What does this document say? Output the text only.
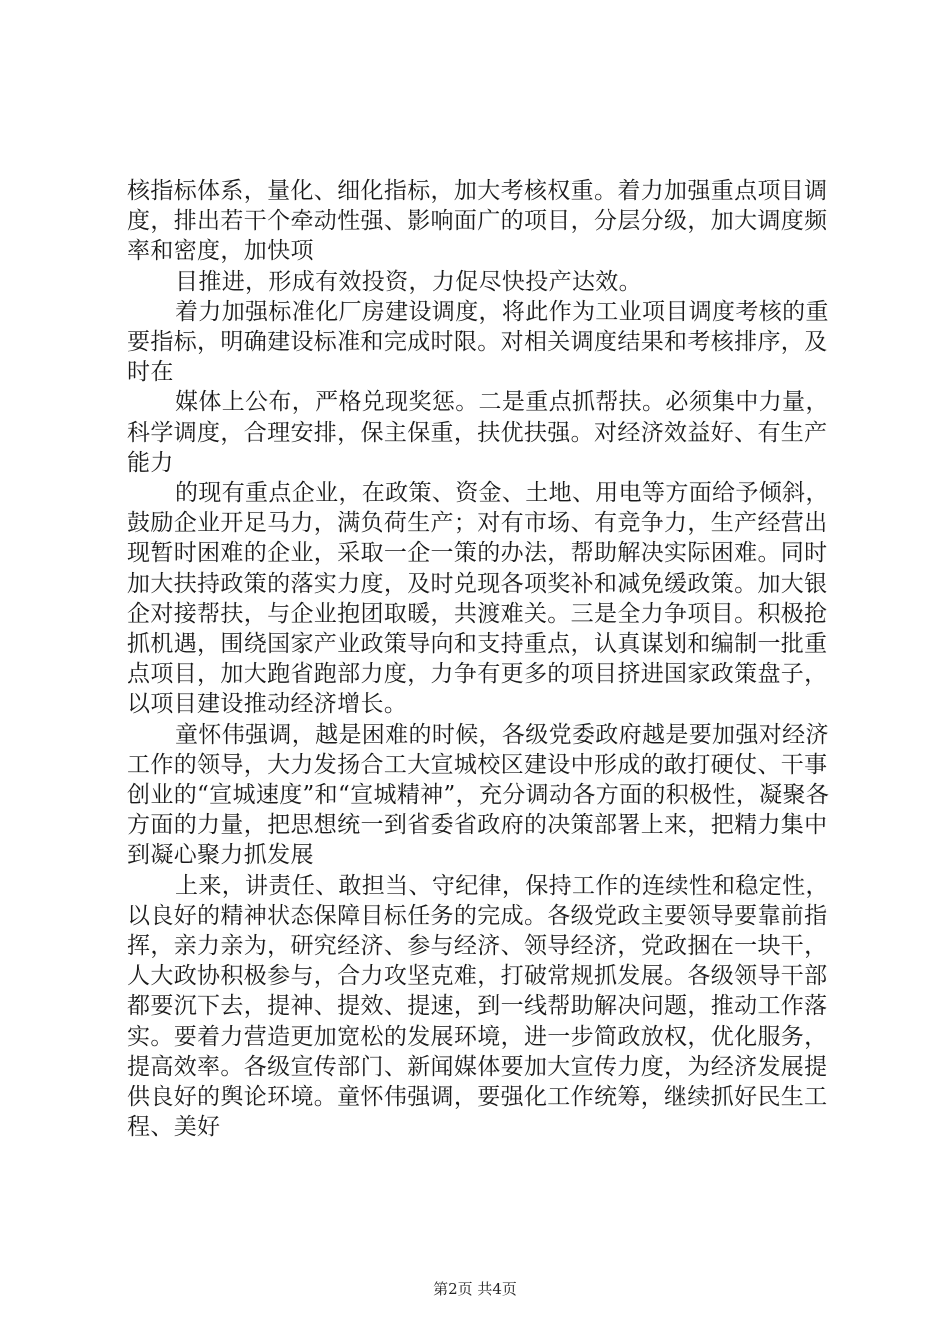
核指标体系，量化、细化指标，加大考核权重。着力加强重点项目调度，排出若干个牵动性强、影响面广的项目，分层分级，加大调度频率和密度，加快项

目推进，形成有效投资，力促尽快投产达效。

着力加强标准化厂房建设调度，将此作为工业项目调度考核的重要指标，明确建设标准和完成时限。对相关调度结果和考核排序，及时在

媒体上公布，严格兑现奖惩。二是重点抓帮扶。必须集中力量，科学调度，合理安排，保主保重，扶优扶强。对经济效益好、有生产能力

的现有重点企业，在政策、资金、土地、用电等方面给予倾斜，鼓励企业开足马力，满负荷生产；对有市场、有竞争力，生产经营出现暂时困难的企业，采取一企一策的办法，帮助解决实际困难。同时加大扶持政策的落实力度，及时兑现各项奖补和减免缓政策。加大银企对接帮扶，与企业抱团取暖，共渡难关。三是全力争项目。积极抢抓机遇，围绕国家产业政策导向和支持重点，认真谋划和编制一批重点项目，加大跑省跑部力度，力争有更多的项目挤进国家政策盘子，以项目建设推动经济增长。

童怀伟强调，越是困难的时候，各级党委政府越是要加强对经济工作的领导，大力发扬合工大宣城校区建设中形成的敢打硬仗、干事创业的“宣城速度”和“宣城精神”，充分调动各方面的积极性，凝聚各方面的力量，把思想统一到省委省政府的决策部署上来，把精力集中到凝心聚力抓发展

上来，讲责任、敢担当、守纪律，保持工作的连续性和稳定性，以良好的精神状态保障目标任务的完成。各级党政主要领导要靠前指挥，亲力亲为，研究经济、参与经济、领导经济，党政捆在一块干，人大政协积极参与，合力攻坚克难，打破常规抓发展。各级领导干部都要沉下去，提神、提效、提速，到一线帮助解决问题，推动工作落实。要着力营造更加宽松的发展环境，进一步简政放权，优化服务，提高效率。各级宣传部门、新闻媒体要加大宣传力度，为经济发展提供良好的舆论环境。童怀伟强调，要强化工作统筹，继续抓好民生工程、美好

第2页 共4页
